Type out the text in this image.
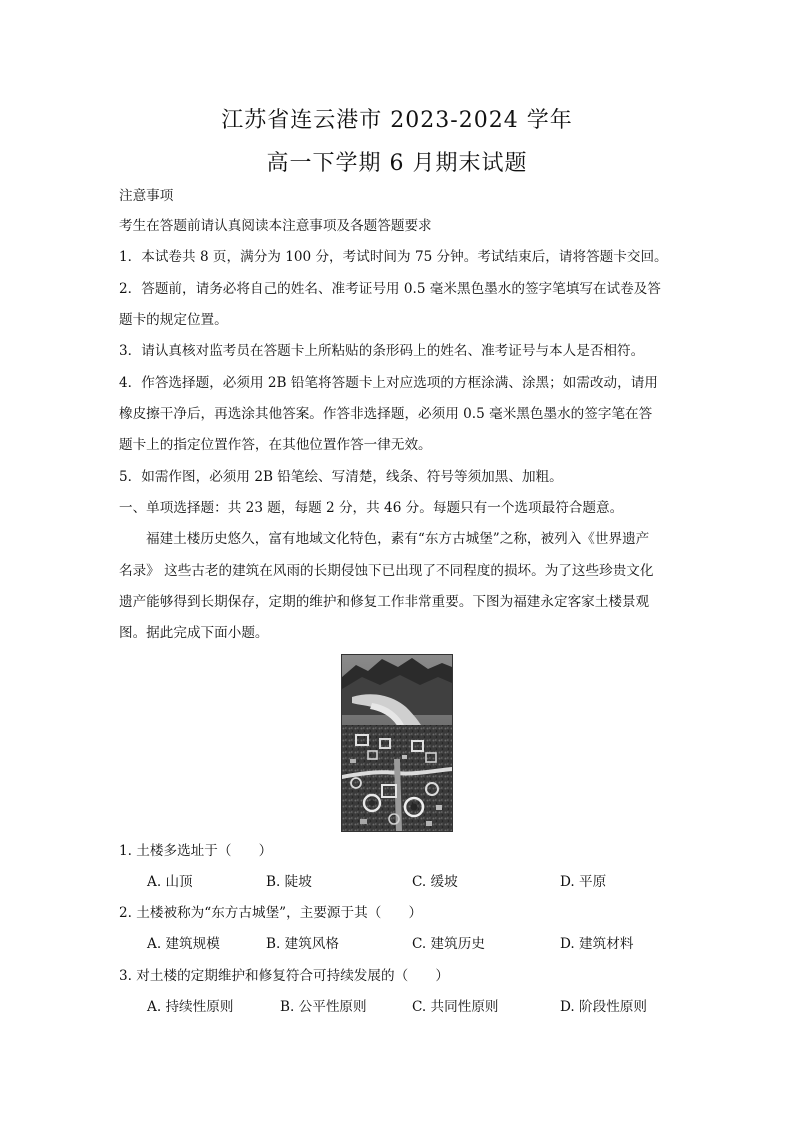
江苏省连云港市 2023-2024 学年
高一下学期 6 月期末试题
注意事项
考生在答题前请认真阅读本注意事项及各题答题要求
1．本试卷共 8 页，满分为 100 分，考试时间为 75 分钟。考试结束后，请将答题卡交回。
2．答题前，请务必将自己的姓名、准考证号用 0.5 毫米黑色墨水的签字笔填写在试卷及答
题卡的规定位置。
3．请认真核对监考员在答题卡上所粘贴的条形码上的姓名、准考证号与本人是否相符。
4．作答选择题，必须用 2B 铅笔将答题卡上对应选项的方框涂满、涂黑；如需改动，请用
橡皮擦干净后，再选涂其他答案。作答非选择题，必须用 0.5 毫米黑色墨水的签字笔在答
题卡上的指定位置作答，在其他位置作答一律无效。
5．如需作图，必须用 2B 铅笔绘、写清楚，线条、符号等须加黑、加粗。
一、单项选择题：共 23 题，每题 2 分，共 46 分。每题只有一个选项最符合题意。
福建土楼历史悠久，富有地域文化特色，素有“东方古城堡”之称，被列入《世界遗产
名录》 这些古老的建筑在风雨的长期侵蚀下已出现了不同程度的损坏。为了这些珍贵文化
遗产能够得到长期保存，定期的维护和修复工作非常重要。下图为福建永定客家土楼景观
图。据此完成下面小题。
1. 土楼多选址于（　　）
A. 山顶	B. 陡坡	C. 缓坡	D. 平原
2. 土楼被称为“东方古城堡”，主要源于其（　　）
A. 建筑规模	B. 建筑风格	C. 建筑历史	D. 建筑材料
3. 对土楼的定期维护和修复符合可持续发展的（　　）
A. 持续性原则	B. 公平性原则	C. 共同性原则	D. 阶段性原则
